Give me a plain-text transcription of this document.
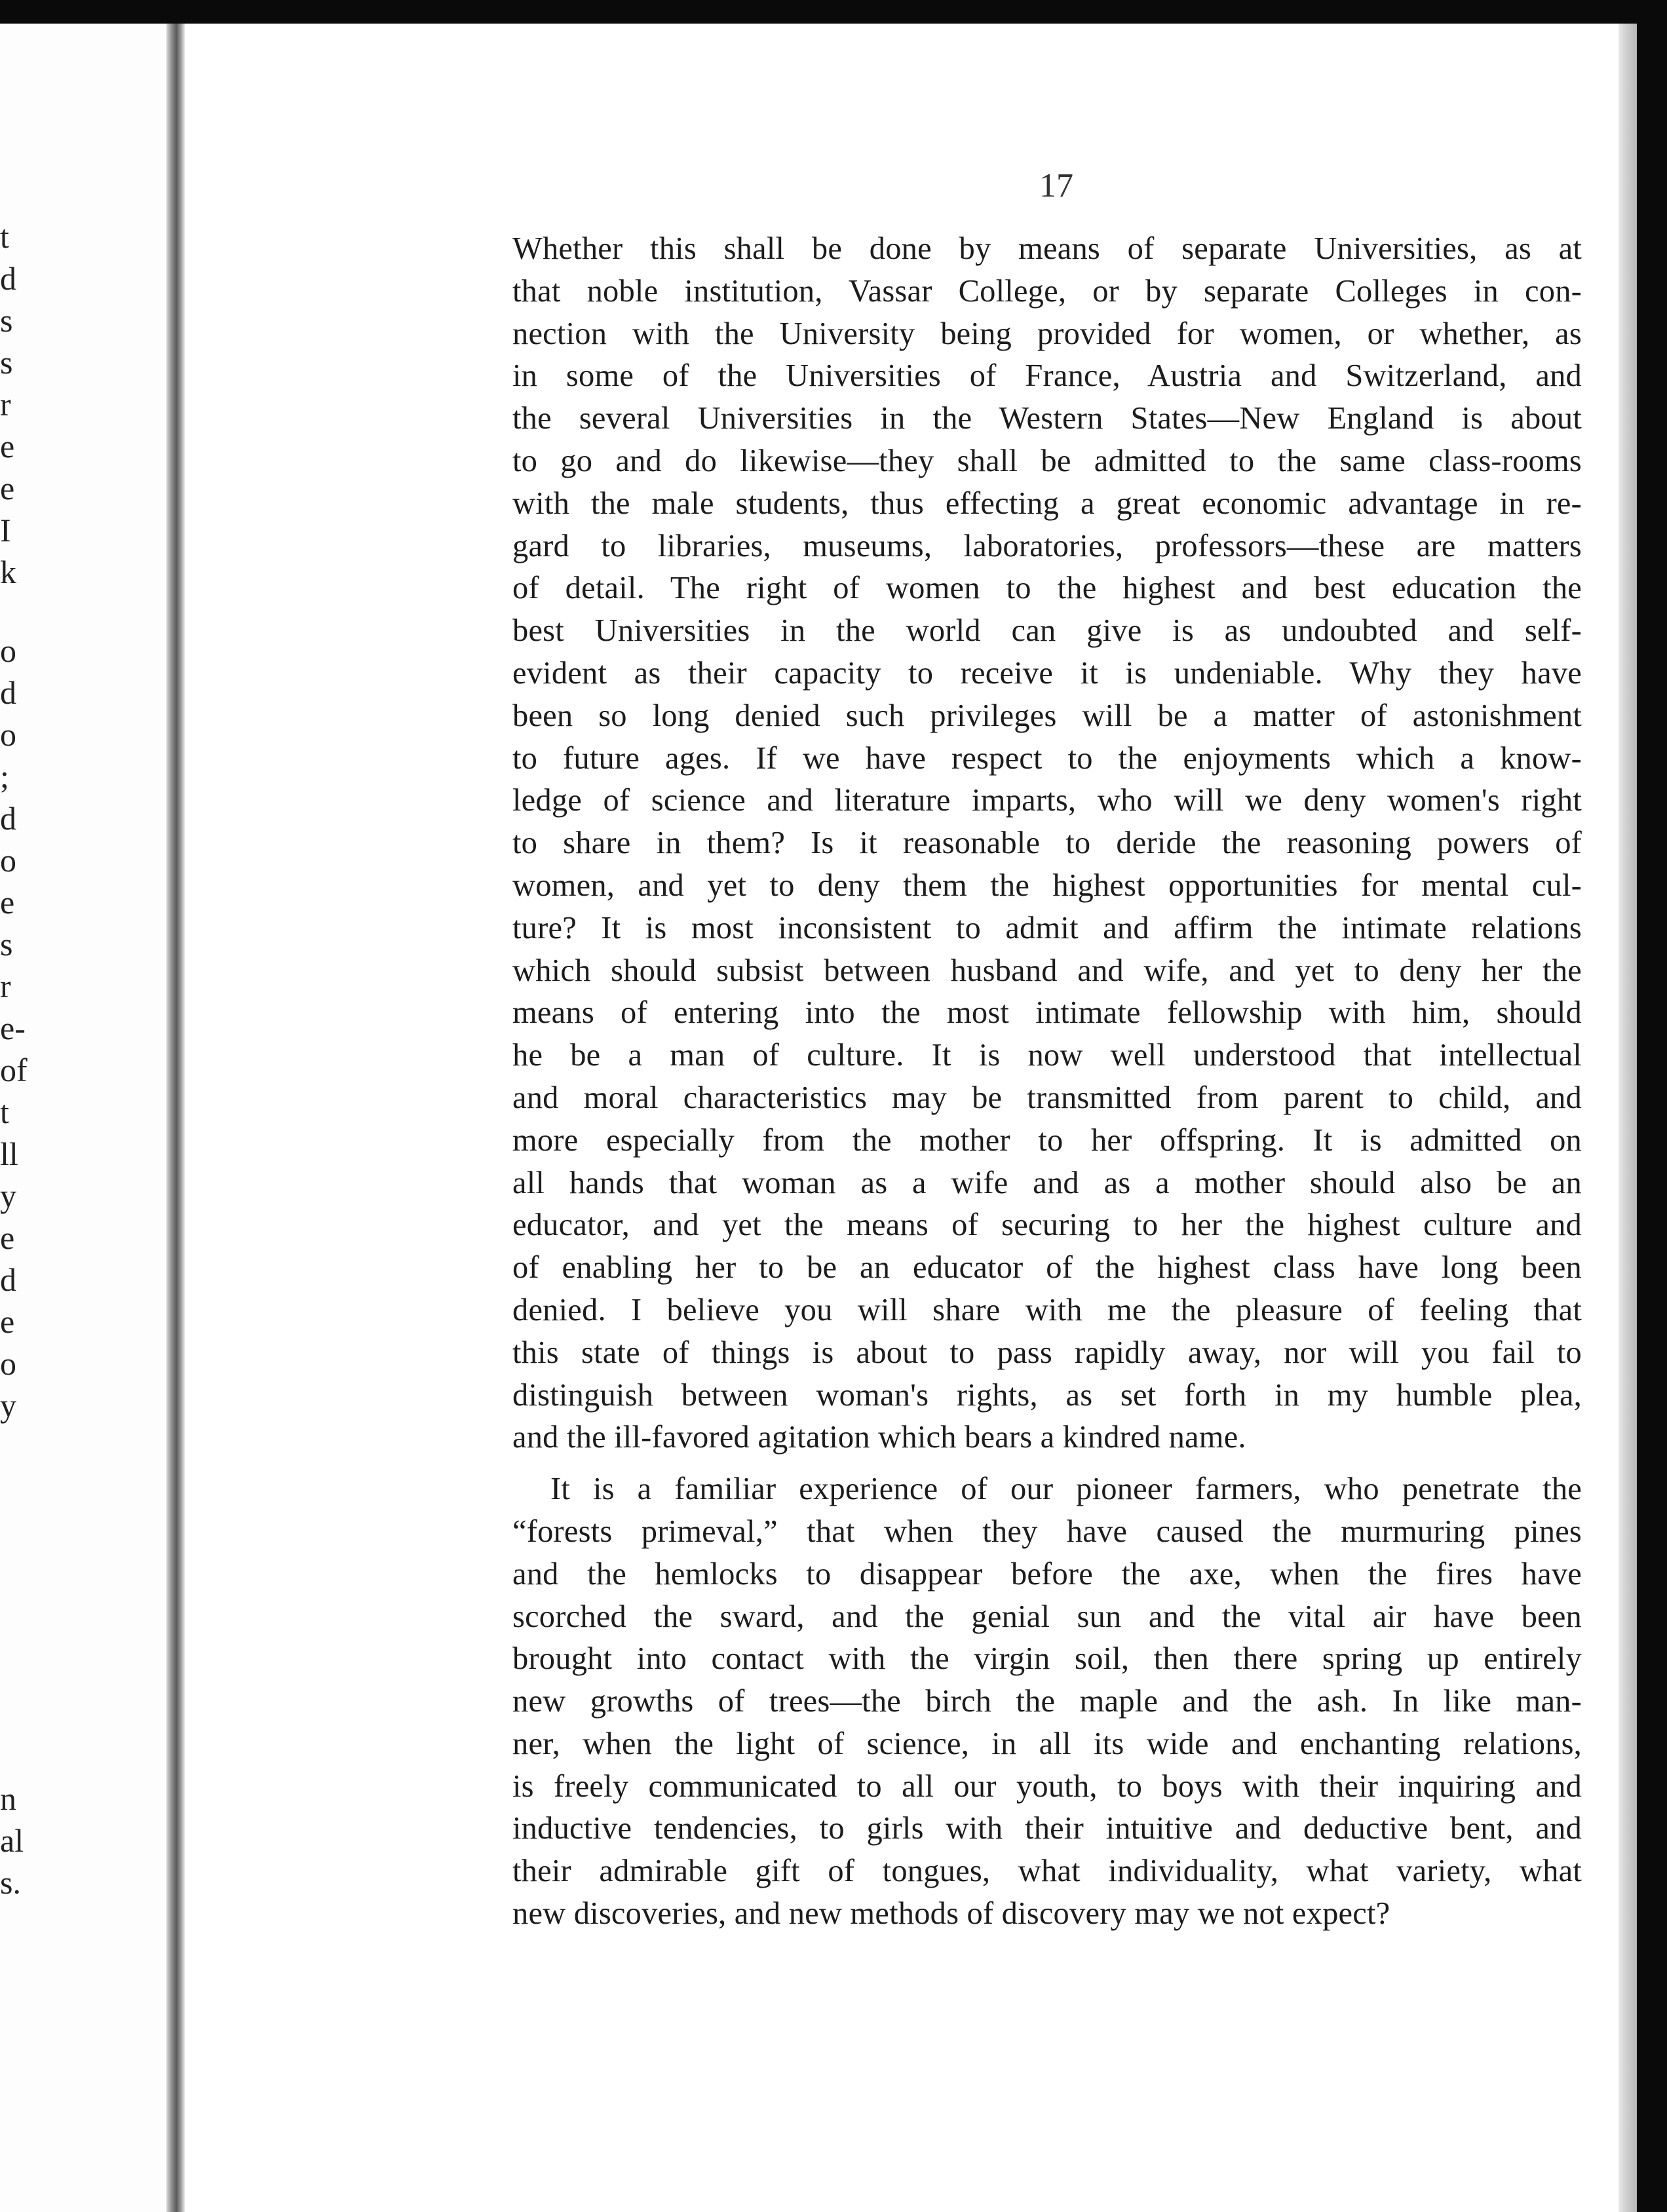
t
d
s
s
r
e
e
I
k
o
d
o
;
d
o
e
s
r
e-
of
t
ll
y
e
d
e
o
y
n
al
s.
17
Whether this shall be done by means of separate Universities, as at
that noble institution, Vassar College, or by separate Colleges in con-
nection with the University being provided for women, or whether, as
in some of the Universities of France, Austria and Switzerland, and
the several Universities in the Western States—New England is about
to go and do likewise—they shall be admitted to the same class-rooms
with the male students, thus effecting a great economic advantage in re-
gard to libraries, museums, laboratories, professors—these are matters
of detail. The right of women to the highest and best education the
best Universities in the world can give is as undoubted and self-
evident as their capacity to receive it is undeniable. Why they have
been so long denied such privileges will be a matter of astonishment
to future ages. If we have respect to the enjoyments which a know-
ledge of science and literature imparts, who will we deny women's right
to share in them? Is it reasonable to deride the reasoning powers of
women, and yet to deny them the highest opportunities for mental cul-
ture? It is most inconsistent to admit and affirm the intimate relations
which should subsist between husband and wife, and yet to deny her the
means of entering into the most intimate fellowship with him, should
he be a man of culture. It is now well understood that intellectual
and moral characteristics may be transmitted from parent to child, and
more especially from the mother to her offspring. It is admitted on
all hands that woman as a wife and as a mother should also be an
educator, and yet the means of securing to her the highest culture and
of enabling her to be an educator of the highest class have long been
denied. I believe you will share with me the pleasure of feeling that
this state of things is about to pass rapidly away, nor will you fail to
distinguish between woman's rights, as set forth in my humble plea,
and the ill-favored agitation which bears a kindred name.
It is a familiar experience of our pioneer farmers, who penetrate the
“forests primeval,” that when they have caused the murmuring pines
and the hemlocks to disappear before the axe, when the fires have
scorched the sward, and the genial sun and the vital air have been
brought into contact with the virgin soil, then there spring up entirely
new growths of trees—the birch the maple and the ash. In like man-
ner, when the light of science, in all its wide and enchanting relations,
is freely communicated to all our youth, to boys with their inquiring and
inductive tendencies, to girls with their intuitive and deductive bent, and
their admirable gift of tongues, what individuality, what variety, what
new discoveries, and new methods of discovery may we not expect?
